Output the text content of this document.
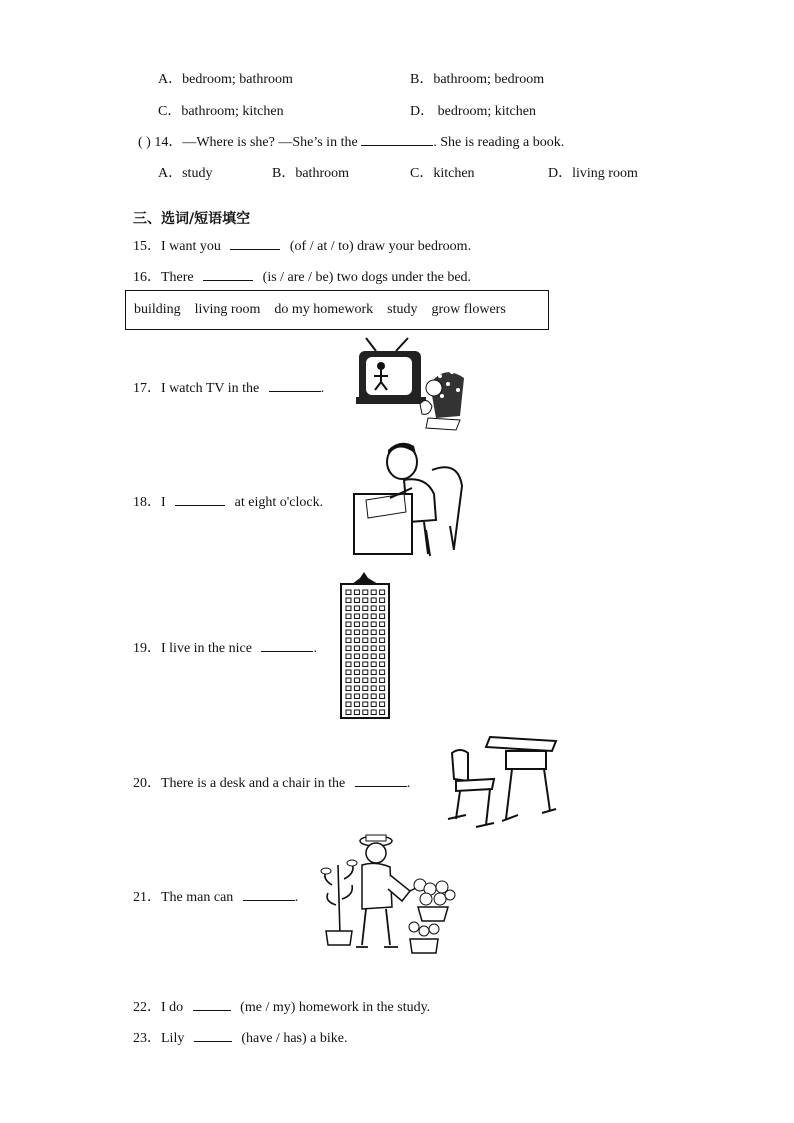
A．bedroom; bathroom	B．bathroom; bedroom
C．bathroom; kitchen	D． bedroom; kitchen
( ) 14．—Where is she? —She’s in the	. She is reading a book.
A．study	B．bathroom	C．kitchen	D．living room
三、选词/短语填空
15．I want you	(of / at / to) draw your bedroom.
16．There	(is / are / be) two dogs under the bed.
building living room do my homework study grow flowers
17．I watch TV in the	.
18．I	at eight o'clock.
19．I live in the nice	.
20．There is a desk and a chair in the	.
21．The man can	.
22．I do	(me / my) homework in the study.
23．Lily	(have / has) a bike.
